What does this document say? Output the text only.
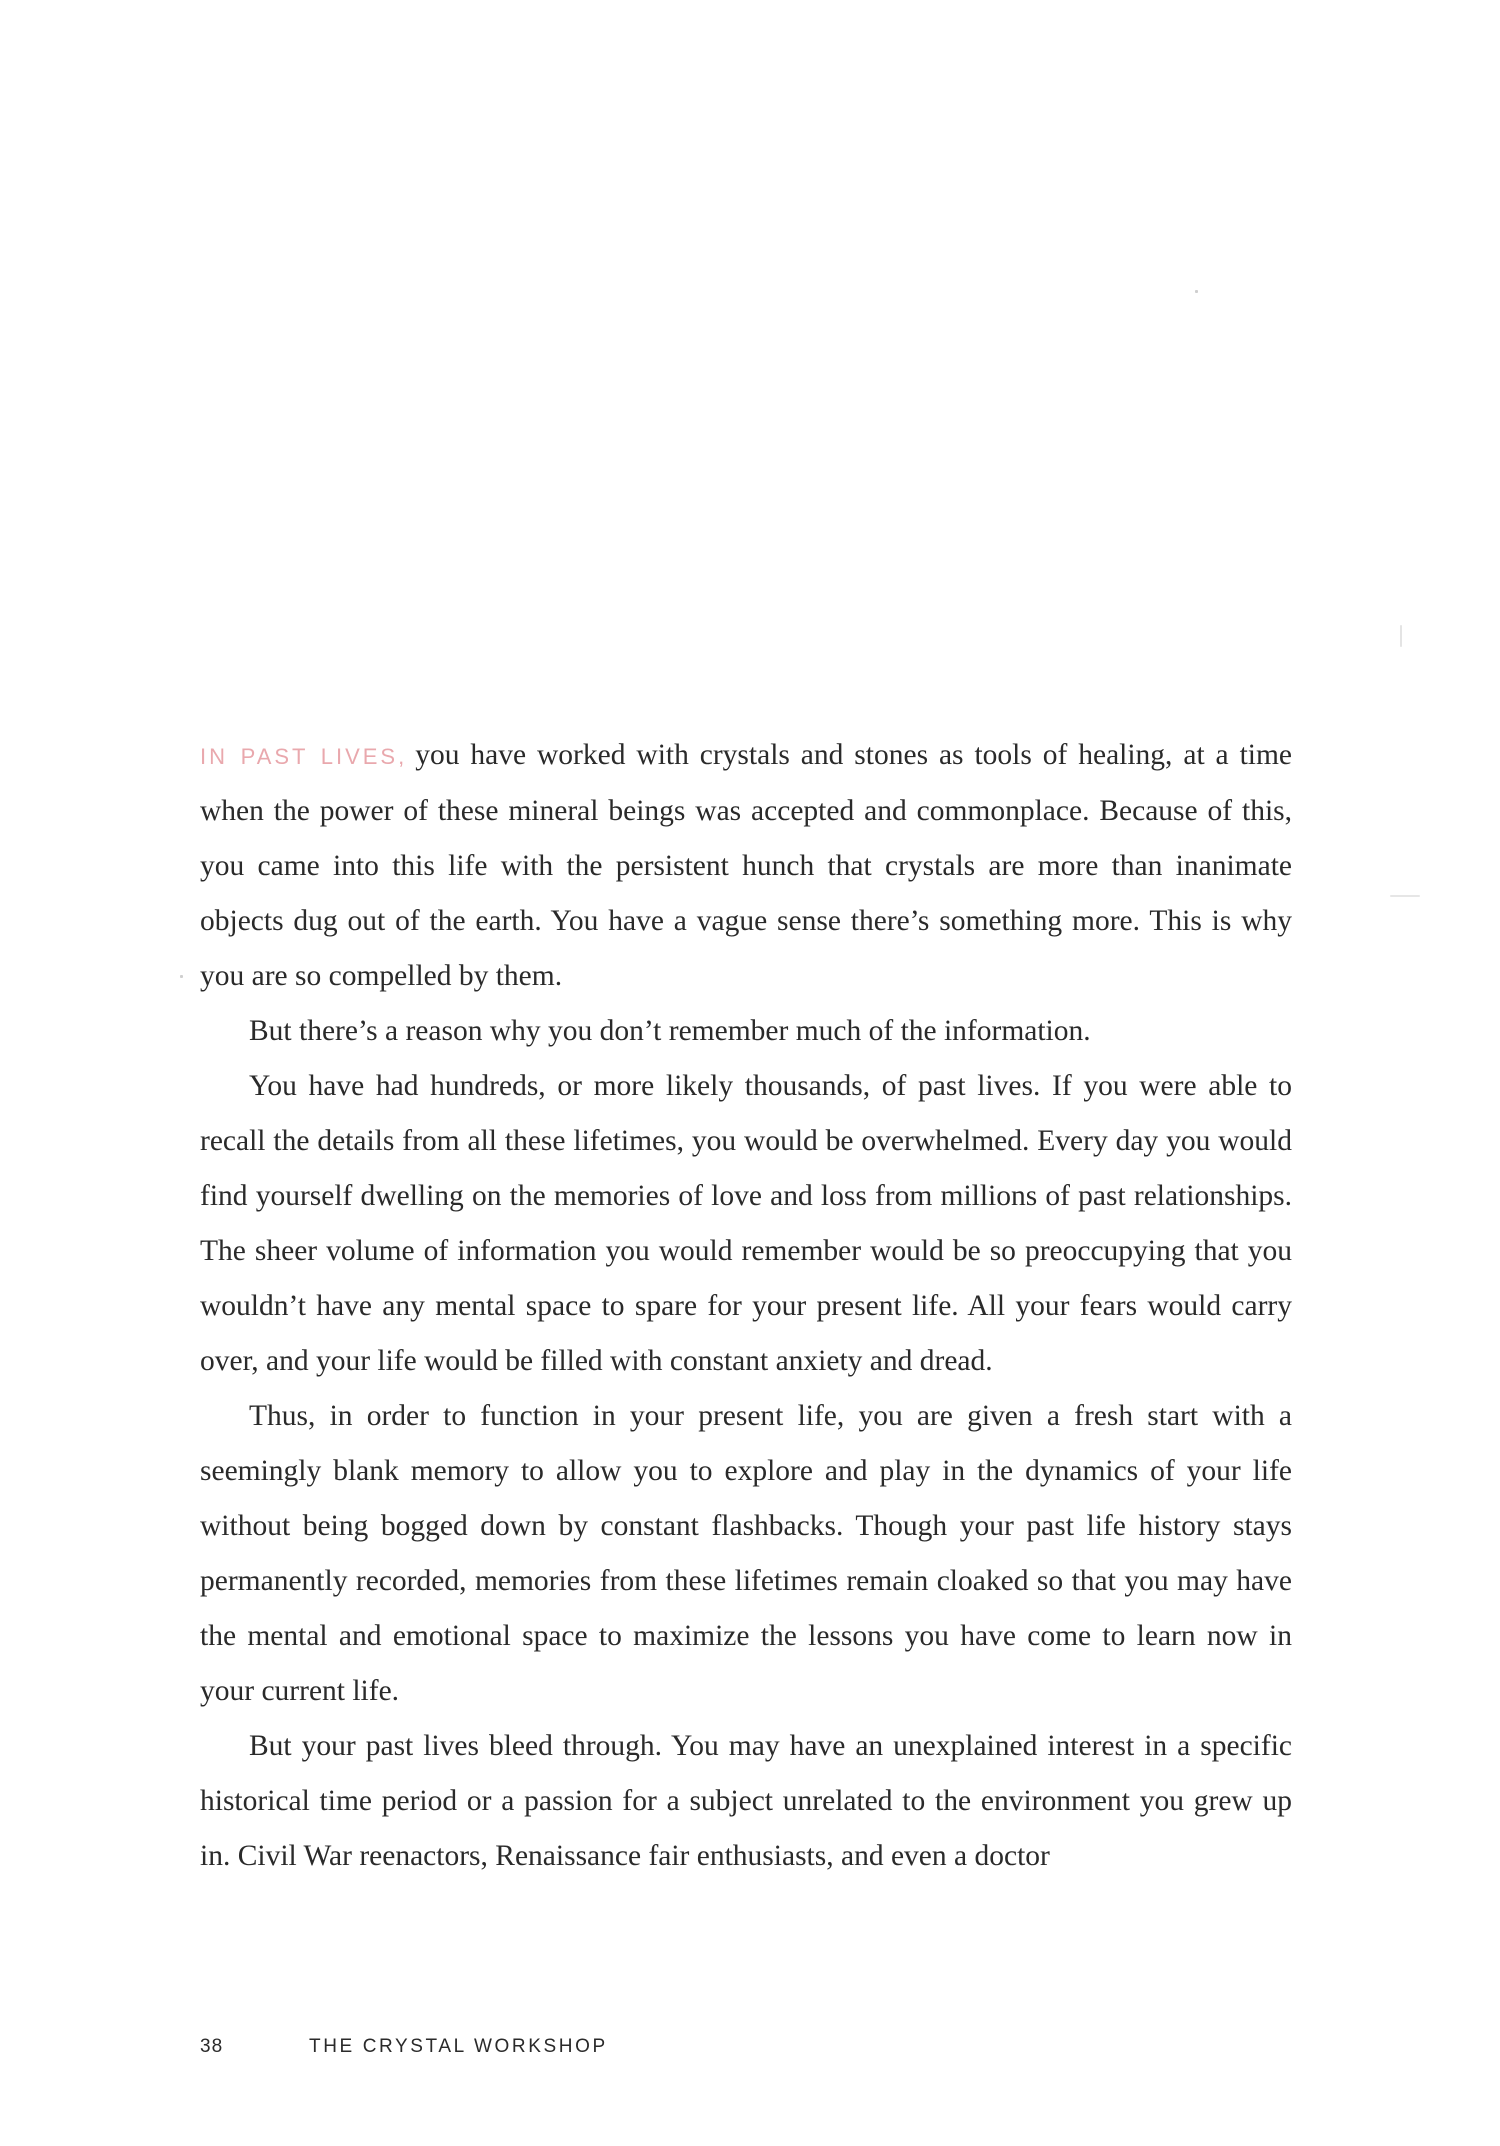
IN PAST LIVES, you have worked with crystals and stones as tools of healing, at a time when the power of these mineral beings was accepted and commonplace. Because of this, you came into this life with the persistent hunch that crystals are more than inanimate objects dug out of the earth. You have a vague sense there’s something more. This is why you are so compelled by them.

But there’s a reason why you don’t remember much of the information.

You have had hundreds, or more likely thousands, of past lives. If you were able to recall the details from all these lifetimes, you would be overwhelmed. Every day you would find yourself dwelling on the memories of love and loss from millions of past relationships. The sheer volume of information you would remember would be so preoccupying that you wouldn’t have any mental space to spare for your present life. All your fears would carry over, and your life would be filled with constant anxiety and dread.

Thus, in order to function in your present life, you are given a fresh start with a seemingly blank memory to allow you to explore and play in the dynamics of your life without being bogged down by constant flashbacks. Though your past life history stays permanently recorded, memories from these lifetimes remain cloaked so that you may have the mental and emotional space to maximize the lessons you have come to learn now in your current life.

But your past lives bleed through. You may have an unexplained interest in a specific historical time period or a passion for a subject unrelated to the environment you grew up in. Civil War reenactors, Renaissance fair enthusiasts, and even a doctor

38	THE CRYSTAL WORKSHOP
